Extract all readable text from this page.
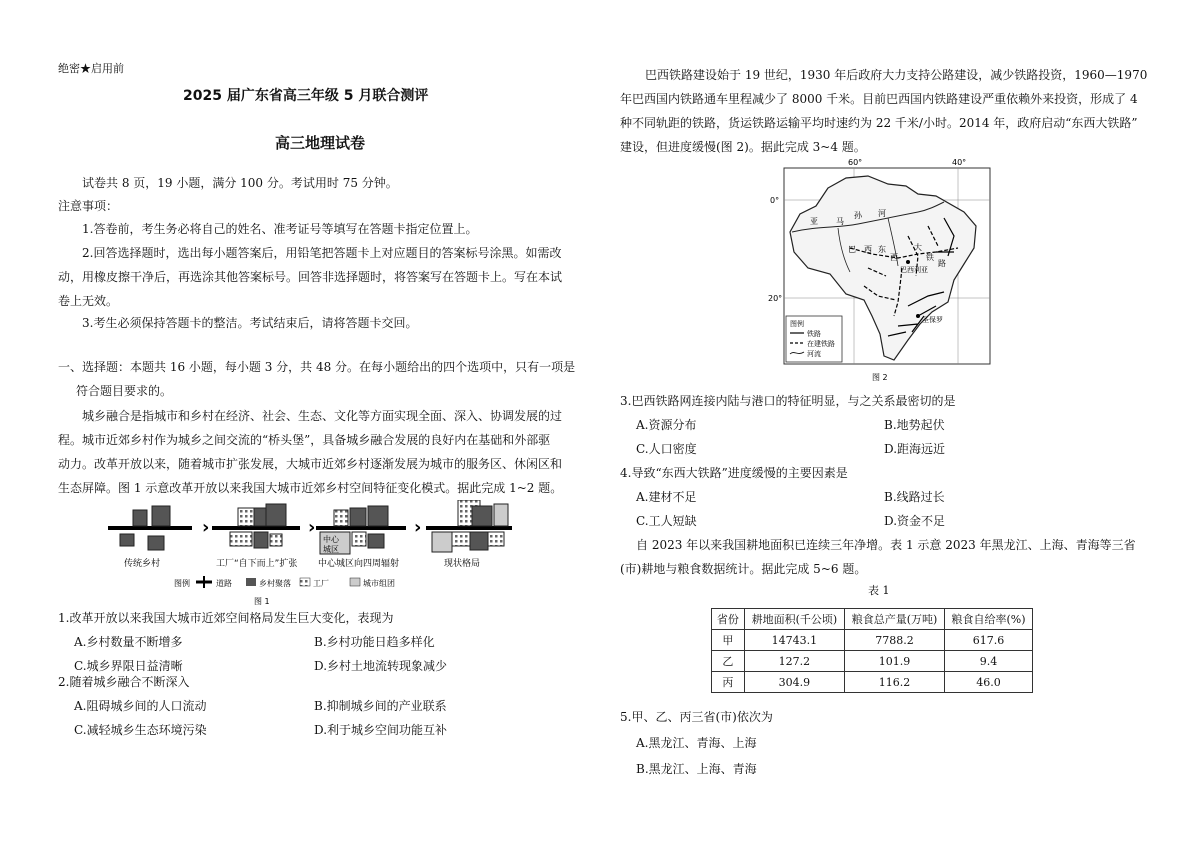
绝密★启用前
2025 届广东省高三年级 5 月联合测评
高三地理试卷
试卷共 8 页，19 小题，满分 100 分。考试用时 75 分钟。
注意事项：
1.答卷前，考生务必将自己的姓名、准考证号等填写在答题卡指定位置上。
2.回答选择题时，选出每小题答案后，用铅笔把答题卡上对应题目的答案标号涂黑。如需改
动，用橡皮擦干净后，再选涂其他答案标号。回答非选择题时，将答案写在答题卡上。写在本试
卷上无效。
3.考生必须保持答题卡的整洁。考试结束后，请将答题卡交回。
一、选择题：本题共 16 小题，每小题 3 分，共 48 分。在每小题给出的四个选项中，只有一项是
符合题目要求的。
城乡融合是指城市和乡村在经济、社会、生态、文化等方面实现全面、深入、协调发展的过
程。城市近郊乡村作为城乡之间交流的“桥头堡”，具备城乡融合发展的良好内在基础和外部驱
动力。改革开放以来，随着城市扩张发展，大城市近郊乡村逐渐发展为城市的服务区、休闲区和
生态屏障。图 1 示意改革开放以来我国大城市近郊乡村空间特征变化模式。据此完成 1~2 题。
›	›
中心
城区
›
传统乡村	工厂“自下而上”扩张 中心城区向四周辐射	现状格局
图例	道路	乡村聚落	工厂	城市组团
图 1
1.改革开放以来我国大城市近郊空间格局发生巨大变化，表现为
A.乡村数量不断增多	B.乡村功能日趋多样化
C.城乡界限日益清晰	D.乡村土地流转现象减少
2.随着城乡融合不断深入
A.阻碍城乡间的人口流动	B.抑制城乡间的产业联系
C.减轻城乡生态环境污染	D.利于城乡空间功能互补
巴西铁路建设始于 19 世纪，1930 年后政府大力支持公路建设，减少铁路投资，1960—1970
年巴西国内铁路通车里程减少了 8000 千米。目前巴西国内铁路建设严重依赖外来投资，形成了 4
种不同轨距的铁路，货运铁路运输平均时速约为 22 千米/小时。2014 年，政府启动“东西大铁路”
建设，但进度缓慢(图 2)。据此完成 3~4 题。
60°	40°
0°
20°
亚 马
孙 河
巴 西 东
西
大
铁
路
巴西利亚
圣保罗
图例
铁路
在建铁路
河流
图 2
3.巴西铁路网连接内陆与港口的特征明显，与之关系最密切的是
A.资源分布	B.地势起伏
C.人口密度	D.距海远近
4.导致“东西大铁路”进度缓慢的主要因素是
A.建材不足	B.线路过长
C.工人短缺	D.资金不足
自 2023 年以来我国耕地面积已连续三年净增。表 1 示意 2023 年黑龙江、上海、青海等三省
(市)耕地与粮食数据统计。据此完成 5~6 题。
表 1
省份	耕地面积(千公顷)	粮食总产量(万吨)	粮食自给率(%)
甲	14743.1	7788.2	617.6
乙	127.2	101.9	9.4
丙	304.9	116.2	46.0
5.甲、乙、丙三省(市)依次为
A.黑龙江、青海、上海
B.黑龙江、上海、青海
